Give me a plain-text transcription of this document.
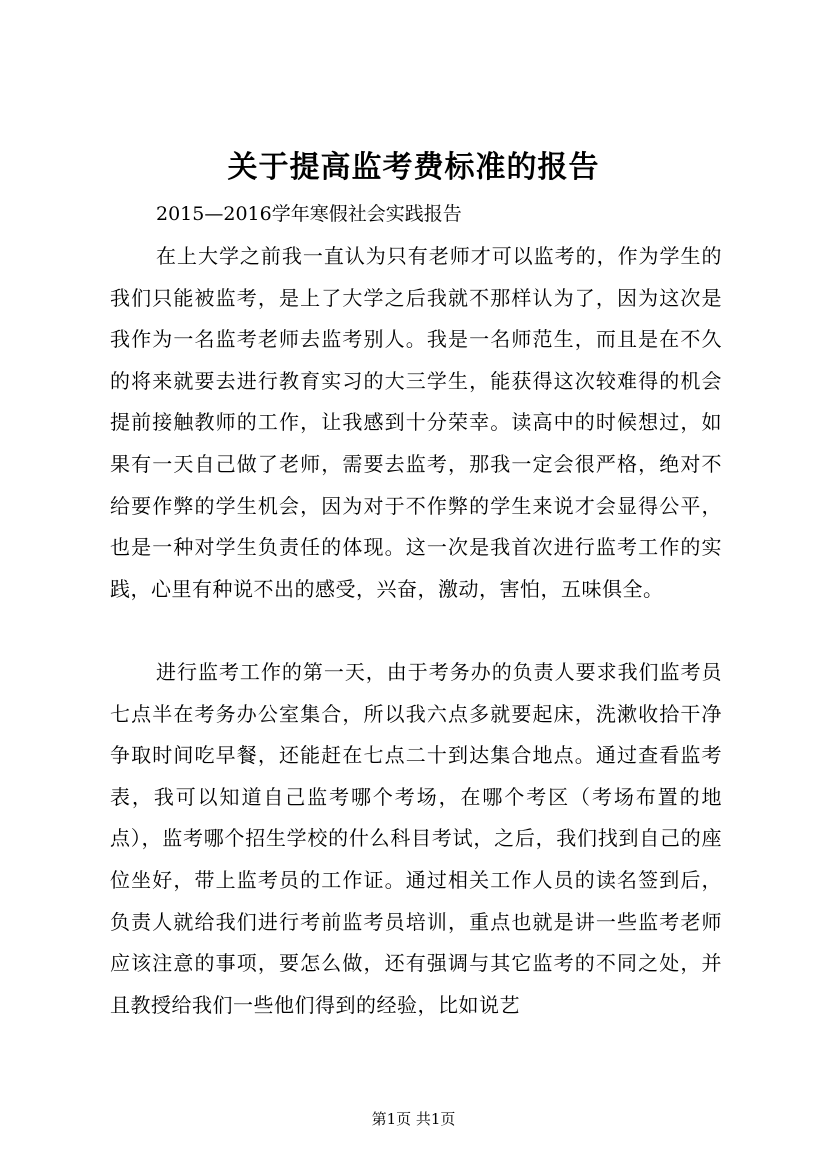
关于提高监考费标准的报告
2015—2016学年寒假社会实践报告
在上大学之前我一直认为只有老师才可以监考的，作为学生的我们只能被监考，是上了大学之后我就不那样认为了，因为这次是我作为一名监考老师去监考别人。我是一名师范生，而且是在不久的将来就要去进行教育实习的大三学生，能获得这次较难得的机会提前接触教师的工作，让我感到十分荣幸。读高中的时候想过，如果有一天自己做了老师，需要去监考，那我一定会很严格，绝对不给要作弊的学生机会，因为对于不作弊的学生来说才会显得公平，也是一种对学生负责任的体现。这一次是我首次进行监考工作的实践，心里有种说不出的感受，兴奋，激动，害怕，五味俱全。
进行监考工作的第一天，由于考务办的负责人要求我们监考员七点半在考务办公室集合，所以我六点多就要起床，洗漱收拾干净争取时间吃早餐，还能赶在七点二十到达集合地点。通过查看监考表，我可以知道自己监考哪个考场，在哪个考区（考场布置的地点），监考哪个招生学校的什么科目考试，之后，我们找到自己的座位坐好，带上监考员的工作证。通过相关工作人员的读名签到后，负责人就给我们进行考前监考员培训，重点也就是讲一些监考老师应该注意的事项，要怎么做，还有强调与其它监考的不同之处，并且教授给我们一些他们得到的经验，比如说艺
第1页 共1页
